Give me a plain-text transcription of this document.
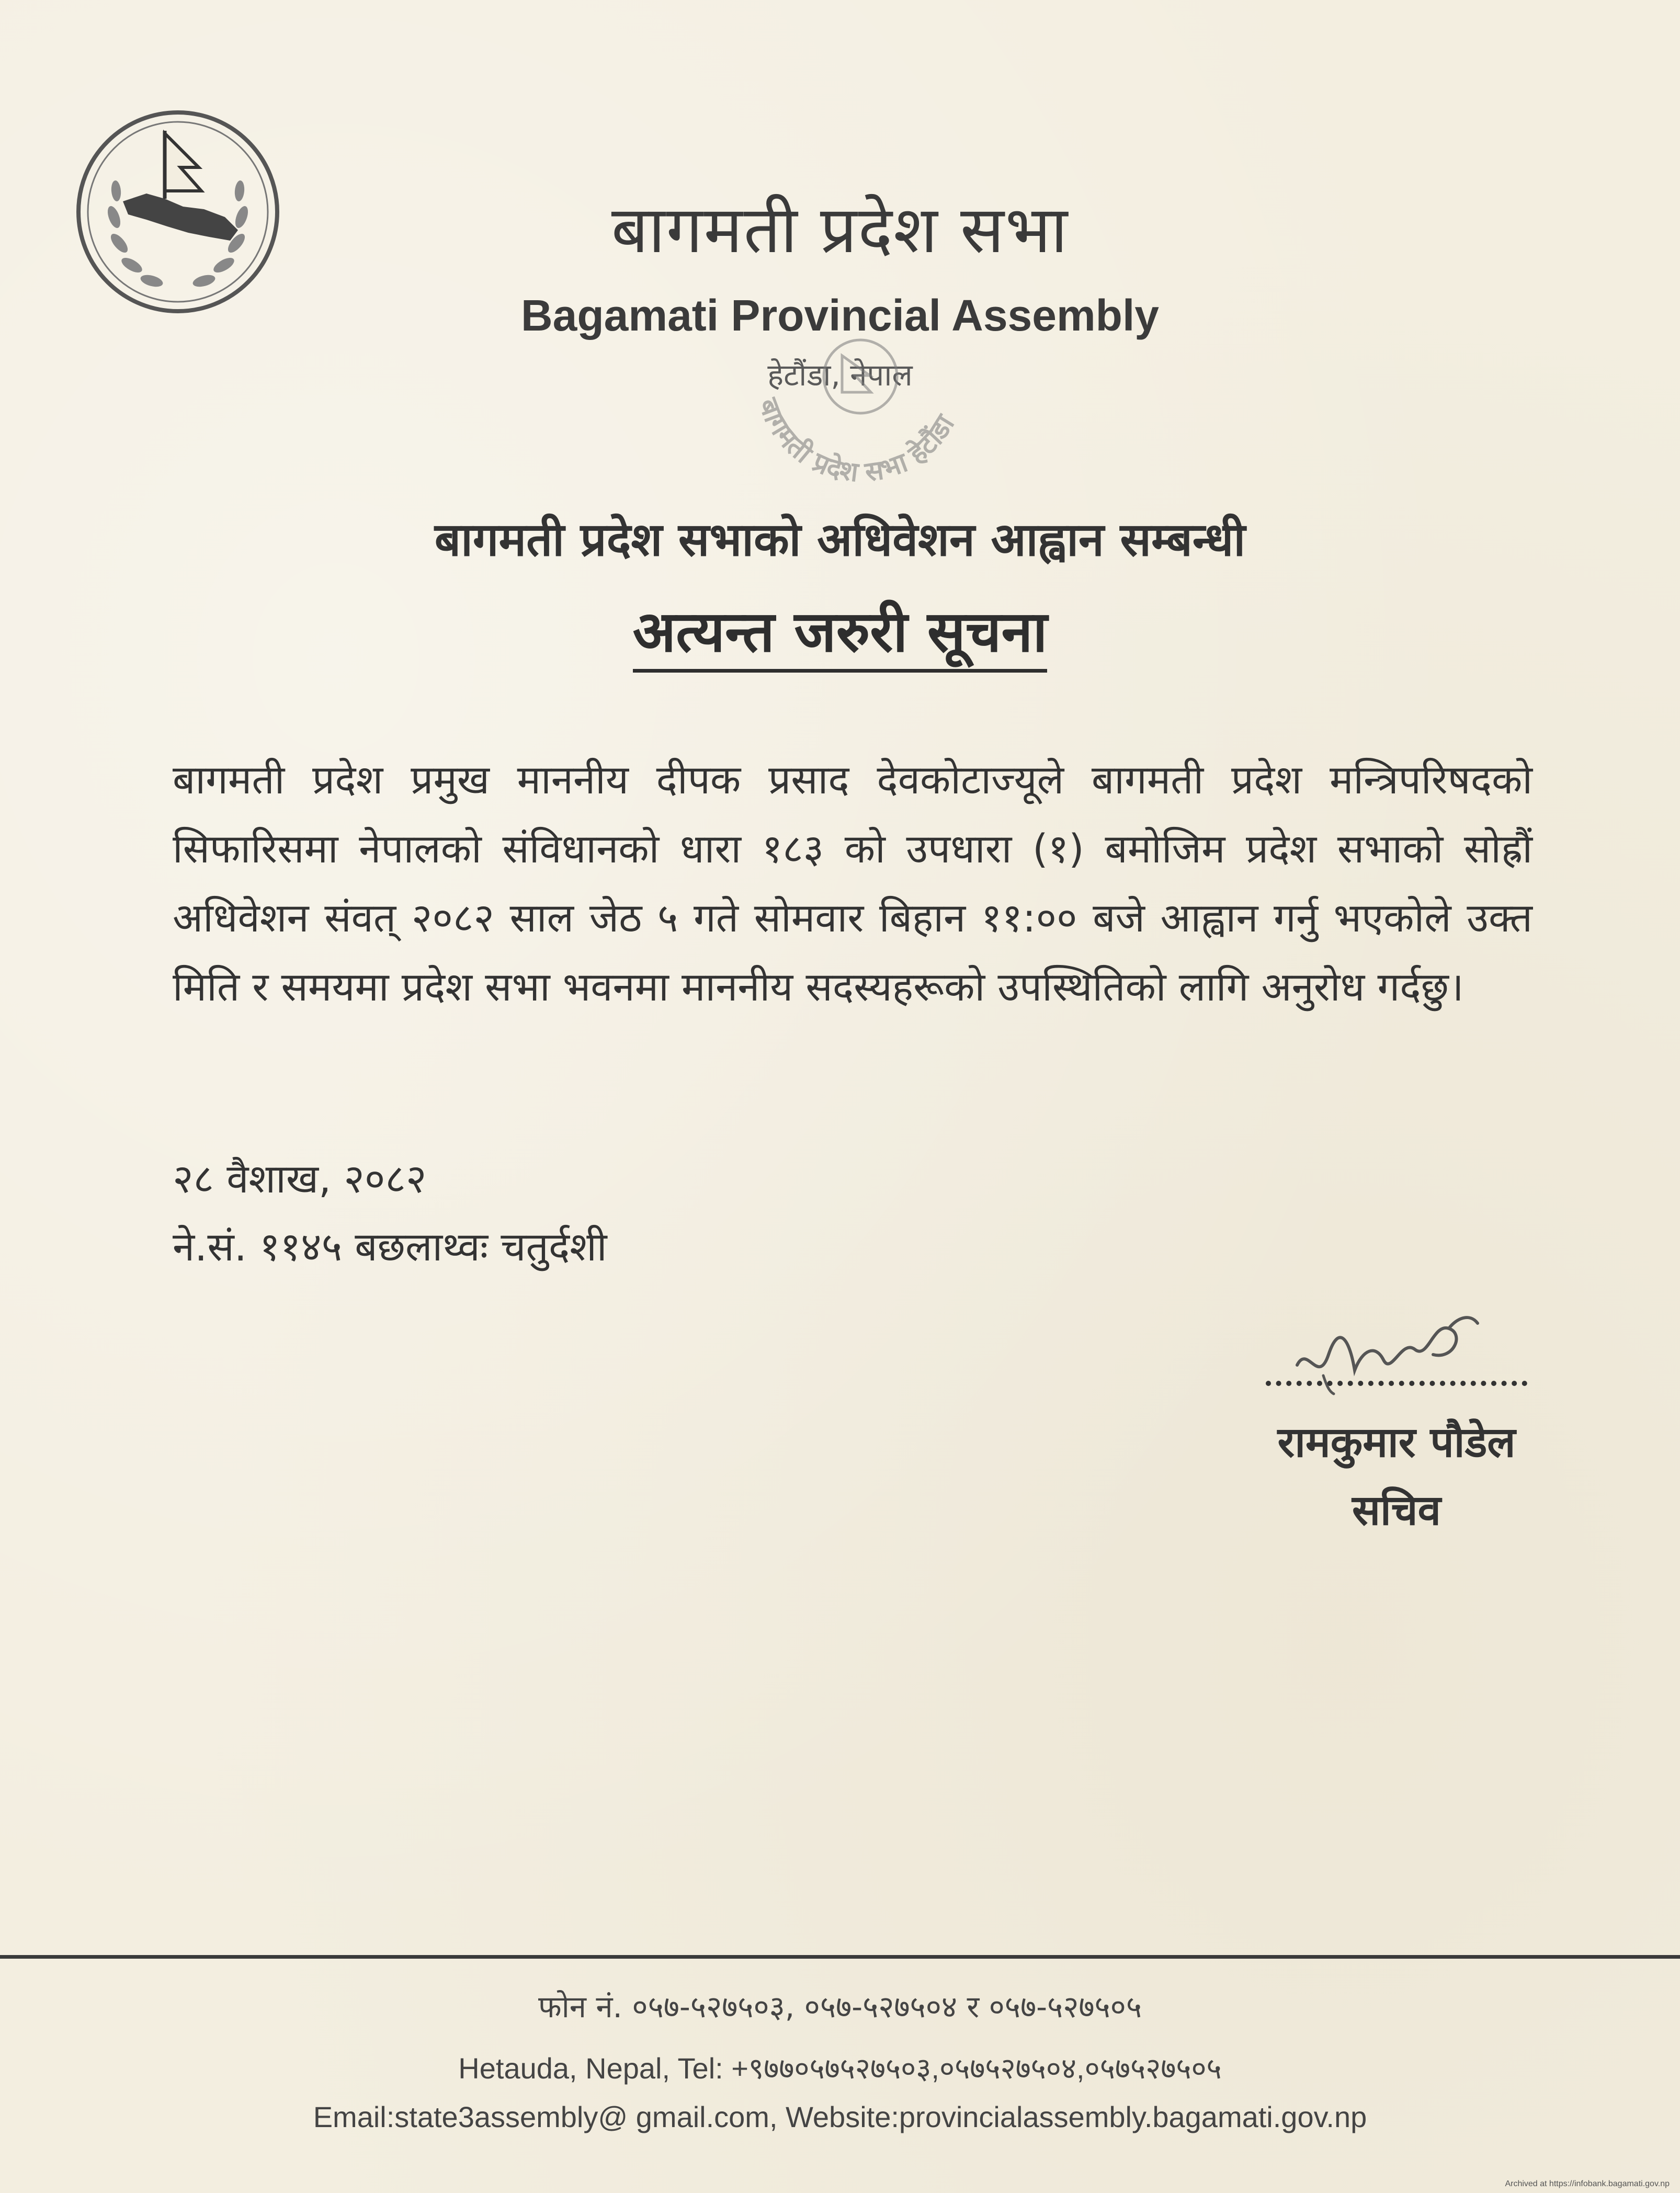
बागमती प्रदेश सभा
Bagamati Provincial Assembly
हेटौंडा, नेपाल
बागमती प्रदेश सभा हेटौंडा
बागमती प्रदेश सभाको अधिवेशन आह्वान सम्बन्धी
अत्यन्त जरुरी सूचना

बागमती प्रदेश प्रमुख माननीय दीपक प्रसाद देवकोटाज्यूले बागमती प्रदेश मन्त्रिपरिषदको सिफारिसमा नेपालको संविधानको धारा १८३ को उपधारा (१) बमोजिम प्रदेश सभाको सोह्रौं अधिवेशन संवत् २०८२ साल जेठ ५ गते सोमवार बिहान ११:०० बजे आह्वान गर्नु भएकोले उक्त मिति र समयमा प्रदेश सभा भवनमा माननीय सदस्यहरूको उपस्थितिको लागि अनुरोध गर्दछु।

२८ वैशाख, २०८२
ने.सं. ११४५ बछलाथ्वः चतुर्दशी
रामकुमार पौडेल
सचिव
फोन नं. ०५७-५२७५०३, ०५७-५२७५०४ र ०५७-५२७५०५
Hetauda, Nepal, Tel: +९७७०५७५२७५०३,०५७५२७५०४,०५७५२७५०५
Email:state3assembly@ gmail.com, Website:provincialassembly.bagamati.gov.np
Archived at https://infobank.bagamati.gov.np
